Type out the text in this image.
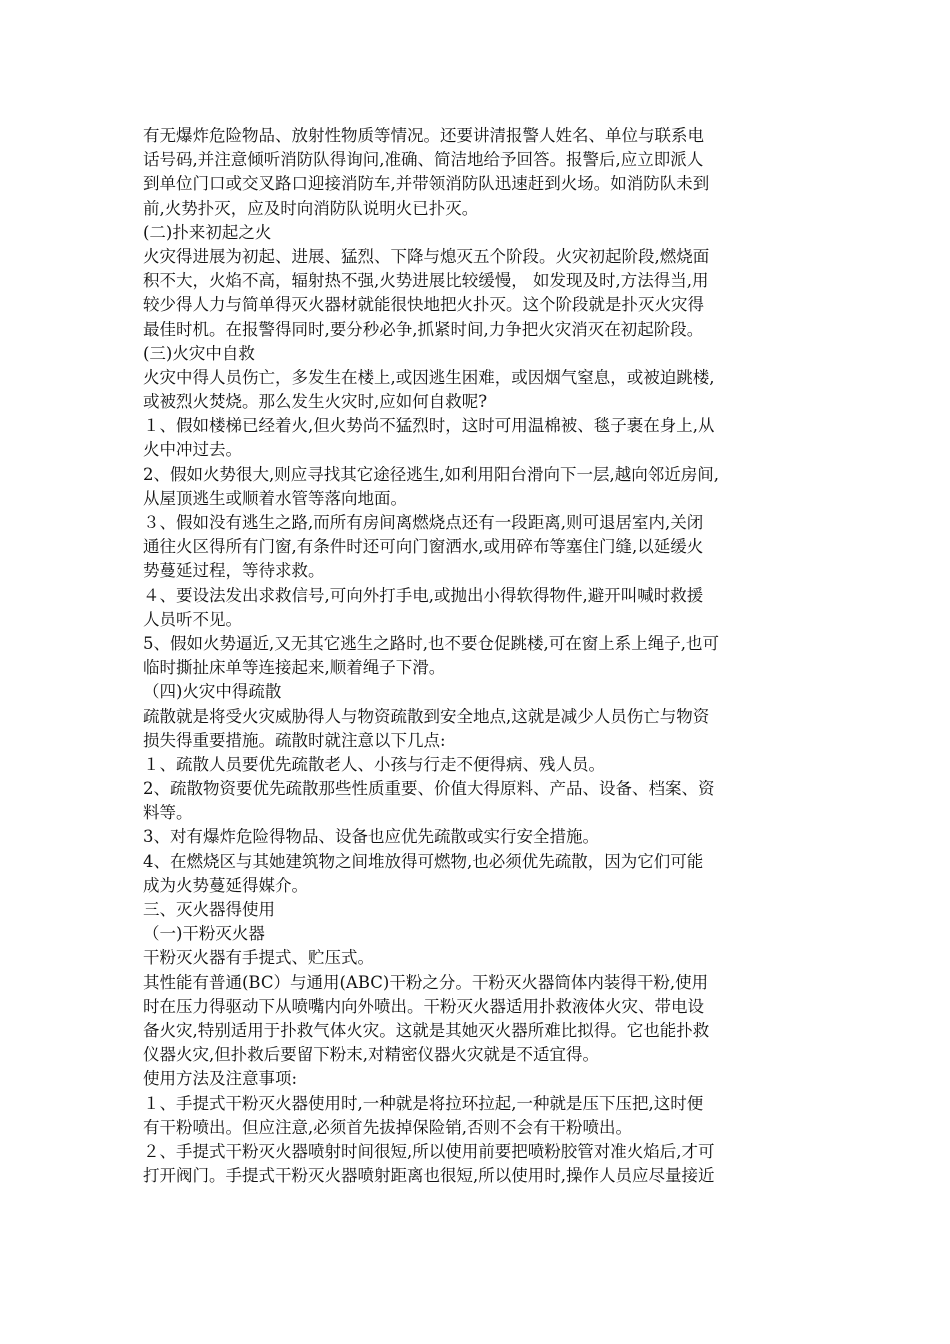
有无爆炸危险物品、放射性物质等情况。还要讲清报警人姓名、单位与联系电
话号码,并注意倾听消防队得询问,准确、简洁地给予回答。报警后,应立即派人
到单位门口或交叉路口迎接消防车,并带领消防队迅速赶到火场。如消防队未到
前,火势扑灭，应及时向消防队说明火已扑灭。
(二)扑来初起之火
火灾得进展为初起、进展、猛烈、下降与熄灭五个阶段。火灾初起阶段,燃烧面
积不大，火焰不高，辐射热不强,火势进展比较缓慢， 如发现及时,方法得当,用
较少得人力与简单得灭火器材就能很快地把火扑灭。这个阶段就是扑灭火灾得
最佳时机。在报警得同时,要分秒必争,抓紧时间,力争把火灾消灭在初起阶段。
(三)火灾中自救
火灾中得人员伤亡，多发生在楼上,或因逃生困难，或因烟气窒息，或被迫跳楼,
或被烈火焚烧。那么发生火灾时,应如何自救呢?
１、假如楼梯已经着火,但火势尚不猛烈时，这时可用温棉被、毯子裹在身上,从
火中冲过去。
2、假如火势很大,则应寻找其它途径逃生,如利用阳台滑向下一层,越向邻近房间,
从屋顶逃生或顺着水管等落向地面。
３、假如没有逃生之路,而所有房间离燃烧点还有一段距离,则可退居室内,关闭
通往火区得所有门窗,有条件时还可向门窗洒水,或用碎布等塞住门缝,以延缓火
势蔓延过程，等待求救。
４、要设法发出求救信号,可向外打手电,或抛出小得软得物件,避开叫喊时救援
人员听不见。
5、假如火势逼近,又无其它逃生之路时,也不要仓促跳楼,可在窗上系上绳子,也可
临时撕扯床单等连接起来,顺着绳子下滑。
（四)火灾中得疏散
疏散就是将受火灾威胁得人与物资疏散到安全地点,这就是减少人员伤亡与物资
损失得重要措施。疏散时就注意以下几点:
１、疏散人员要优先疏散老人、小孩与行走不便得病、残人员。
2、疏散物资要优先疏散那些性质重要、价值大得原料、产品、设备、档案、资
料等。
3、对有爆炸危险得物品、设备也应优先疏散或实行安全措施。
4、在燃烧区与其她建筑物之间堆放得可燃物,也必须优先疏散，因为它们可能
成为火势蔓延得媒介。
三、灭火器得使用
（一)干粉灭火器
干粉灭火器有手提式、贮压式。
其性能有普通(BC）与通用(ABC)干粉之分。干粉灭火器筒体内装得干粉,使用
时在压力得驱动下从喷嘴内向外喷出。干粉灭火器适用扑救液体火灾、带电设
备火灾,特别适用于扑救气体火灾。这就是其她灭火器所难比拟得。它也能扑救
仪器火灾,但扑救后要留下粉末,对精密仪器火灾就是不适宜得。
使用方法及注意事项:
１、手提式干粉灭火器使用时,一种就是将拉环拉起,一种就是压下压把,这时便
有干粉喷出。但应注意,必须首先拔掉保险销,否则不会有干粉喷出。
２、手提式干粉灭火器喷射时间很短,所以使用前要把喷粉胶管对准火焰后,才可
打开阀门。手提式干粉灭火器喷射距离也很短,所以使用时,操作人员应尽量接近
